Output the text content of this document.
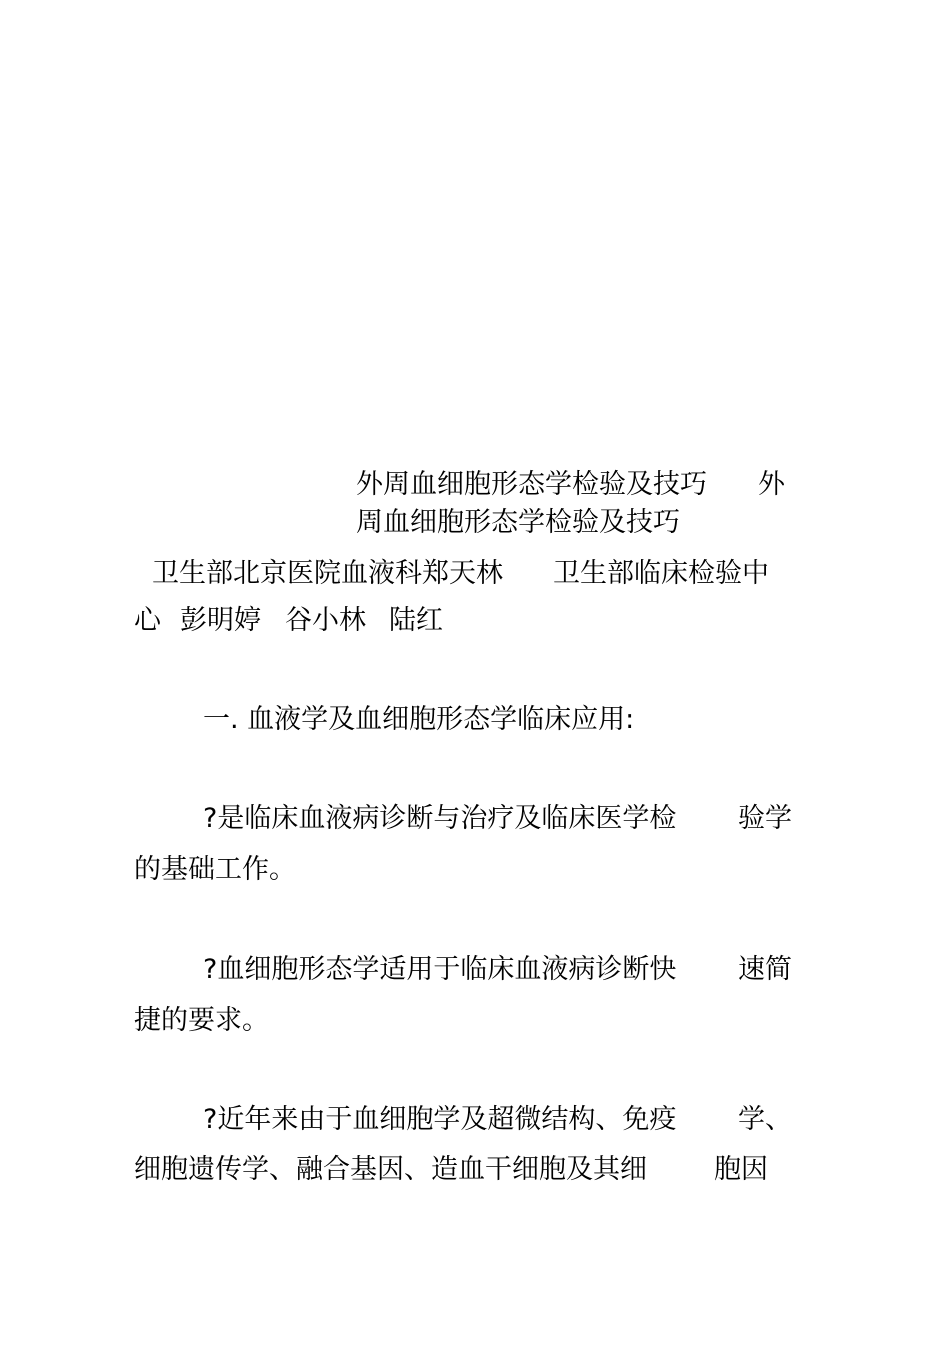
外周血细胞形态学检验及技巧 外
周血细胞形态学检验及技巧
卫生部北京医院血液科郑天林 卫生部临床检验中
心 彭明婷 谷小林 陆红
一. 血液学及血细胞形态学临床应用:
?是临床血液病诊断与治疗及临床医学检 验学
的基础工作。
?血细胞形态学适用于临床血液病诊断快 速简
捷的要求。
?近年来由于血细胞学及超微结构、免疫 学、
细胞遗传学、融合基因、造血干细胞及其细 胞因
